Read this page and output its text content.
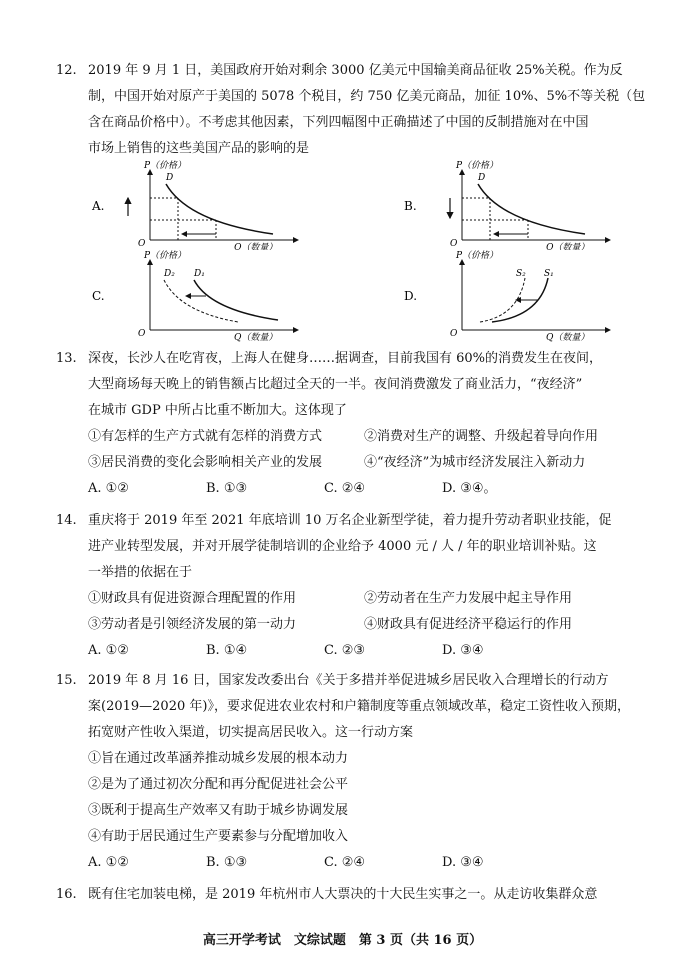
12. 2019 年 9 月 1 日，美国政府开始对剩余 3000 亿美元中国输美商品征收 25%关税。作为反
制，中国开始对原产于美国的 5078 个税目，约 750 亿美元商品，加征 10%、5%不等关税（包
含在商品价格中）。不考虑其他因素，下列四幅图中正确描述了中国的反制措施对在中国
市场上销售的这些美国产品的影响的是
A.
P（价格）
Q（数量）
O
D
B.
P（价格）
Q（数量）
O
D
C.
P（价格）
Q（数量）
O
D₂ D₁
D.
P（价格）
Q（数量）
O
S₂ S₁
13. 深夜，长沙人在吃宵夜，上海人在健身……据调查，目前我国有 60%的消费发生在夜间，
大型商场每天晚上的销售额占比超过全天的一半。夜间消费激发了商业活力，“夜经济”
在城市 GDP 中所占比重不断加大。这体现了
①有怎样的生产方式就有怎样的消费方式	②消费对生产的调整、升级起着导向作用
③居民消费的变化会影响相关产业的发展	④“夜经济”为城市经济发展注入新动力
A. ①②	B. ①③	C. ②④	D. ③④。
14. 重庆将于 2019 年至 2021 年底培训 10 万名企业新型学徒，着力提升劳动者职业技能，促
进产业转型发展，并对开展学徒制培训的企业给予 4000 元 / 人 / 年的职业培训补贴。这
一举措的依据在于
①财政具有促进资源合理配置的作用	②劳动者在生产力发展中起主导作用
③劳动者是引领经济发展的第一动力	④财政具有促进经济平稳运行的作用
A. ①②	B. ①④	C. ②③	D. ③④
15. 2019 年 8 月 16 日，国家发改委出台《关于多措并举促进城乡居民收入合理增长的行动方
案(2019—2020 年)》，要求促进农业农村和户籍制度等重点领域改革，稳定工资性收入预期，
拓宽财产性收入渠道，切实提高居民收入。这一行动方案
①旨在通过改革涵养推动城乡发展的根本动力
②是为了通过初次分配和再分配促进社会公平
③既利于提高生产效率又有助于城乡协调发展
④有助于居民通过生产要素参与分配增加收入
A. ①②	B. ①③	C. ②④	D. ③④
16. 既有住宅加装电梯，是 2019 年杭州市人大票决的十大民生实事之一。从走访收集群众意
高三开学考试　文综试题　第 3 页（共 16 页）
